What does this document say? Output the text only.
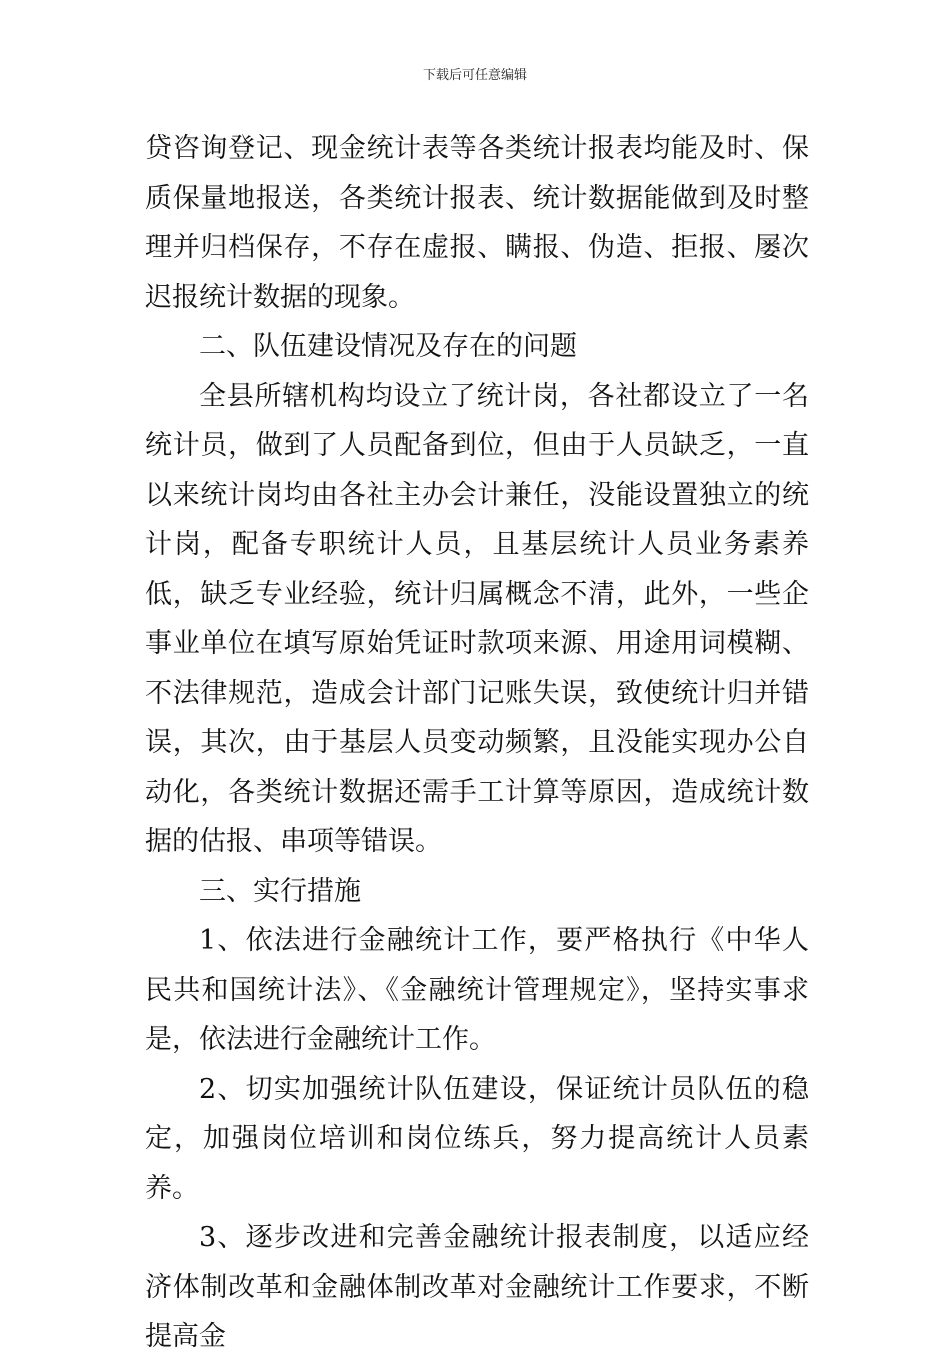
下载后可任意编辑

贷咨询登记、现金统计表等各类统计报表均能及时、保质保量地报送，各类统计报表、统计数据能做到及时整理并归档保存，不存在虚报、瞒报、伪造、拒报、屡次迟报统计数据的现象。

二、队伍建设情况及存在的问题

全县所辖机构均设立了统计岗，各社都设立了一名统计员，做到了人员配备到位，但由于人员缺乏，一直以来统计岗均由各社主办会计兼任，没能设置独立的统计岗，配备专职统计人员，且基层统计人员业务素养低，缺乏专业经验，统计归属概念不清，此外，一些企事业单位在填写原始凭证时款项来源、用途用词模糊、不法律规范，造成会计部门记账失误，致使统计归并错误，其次，由于基层人员变动频繁，且没能实现办公自动化，各类统计数据还需手工计算等原因，造成统计数据的估报、串项等错误。

三、实行措施

1、依法进行金融统计工作，要严格执行《中华人民共和国统计法》、《金融统计管理规定》，坚持实事求是，依法进行金融统计工作。

2、切实加强统计队伍建设，保证统计员队伍的稳定，加强岗位培训和岗位练兵，努力提高统计人员素养。

3、逐步改进和完善金融统计报表制度，以适应经济体制改革和金融体制改革对金融统计工作要求，不断提高金
